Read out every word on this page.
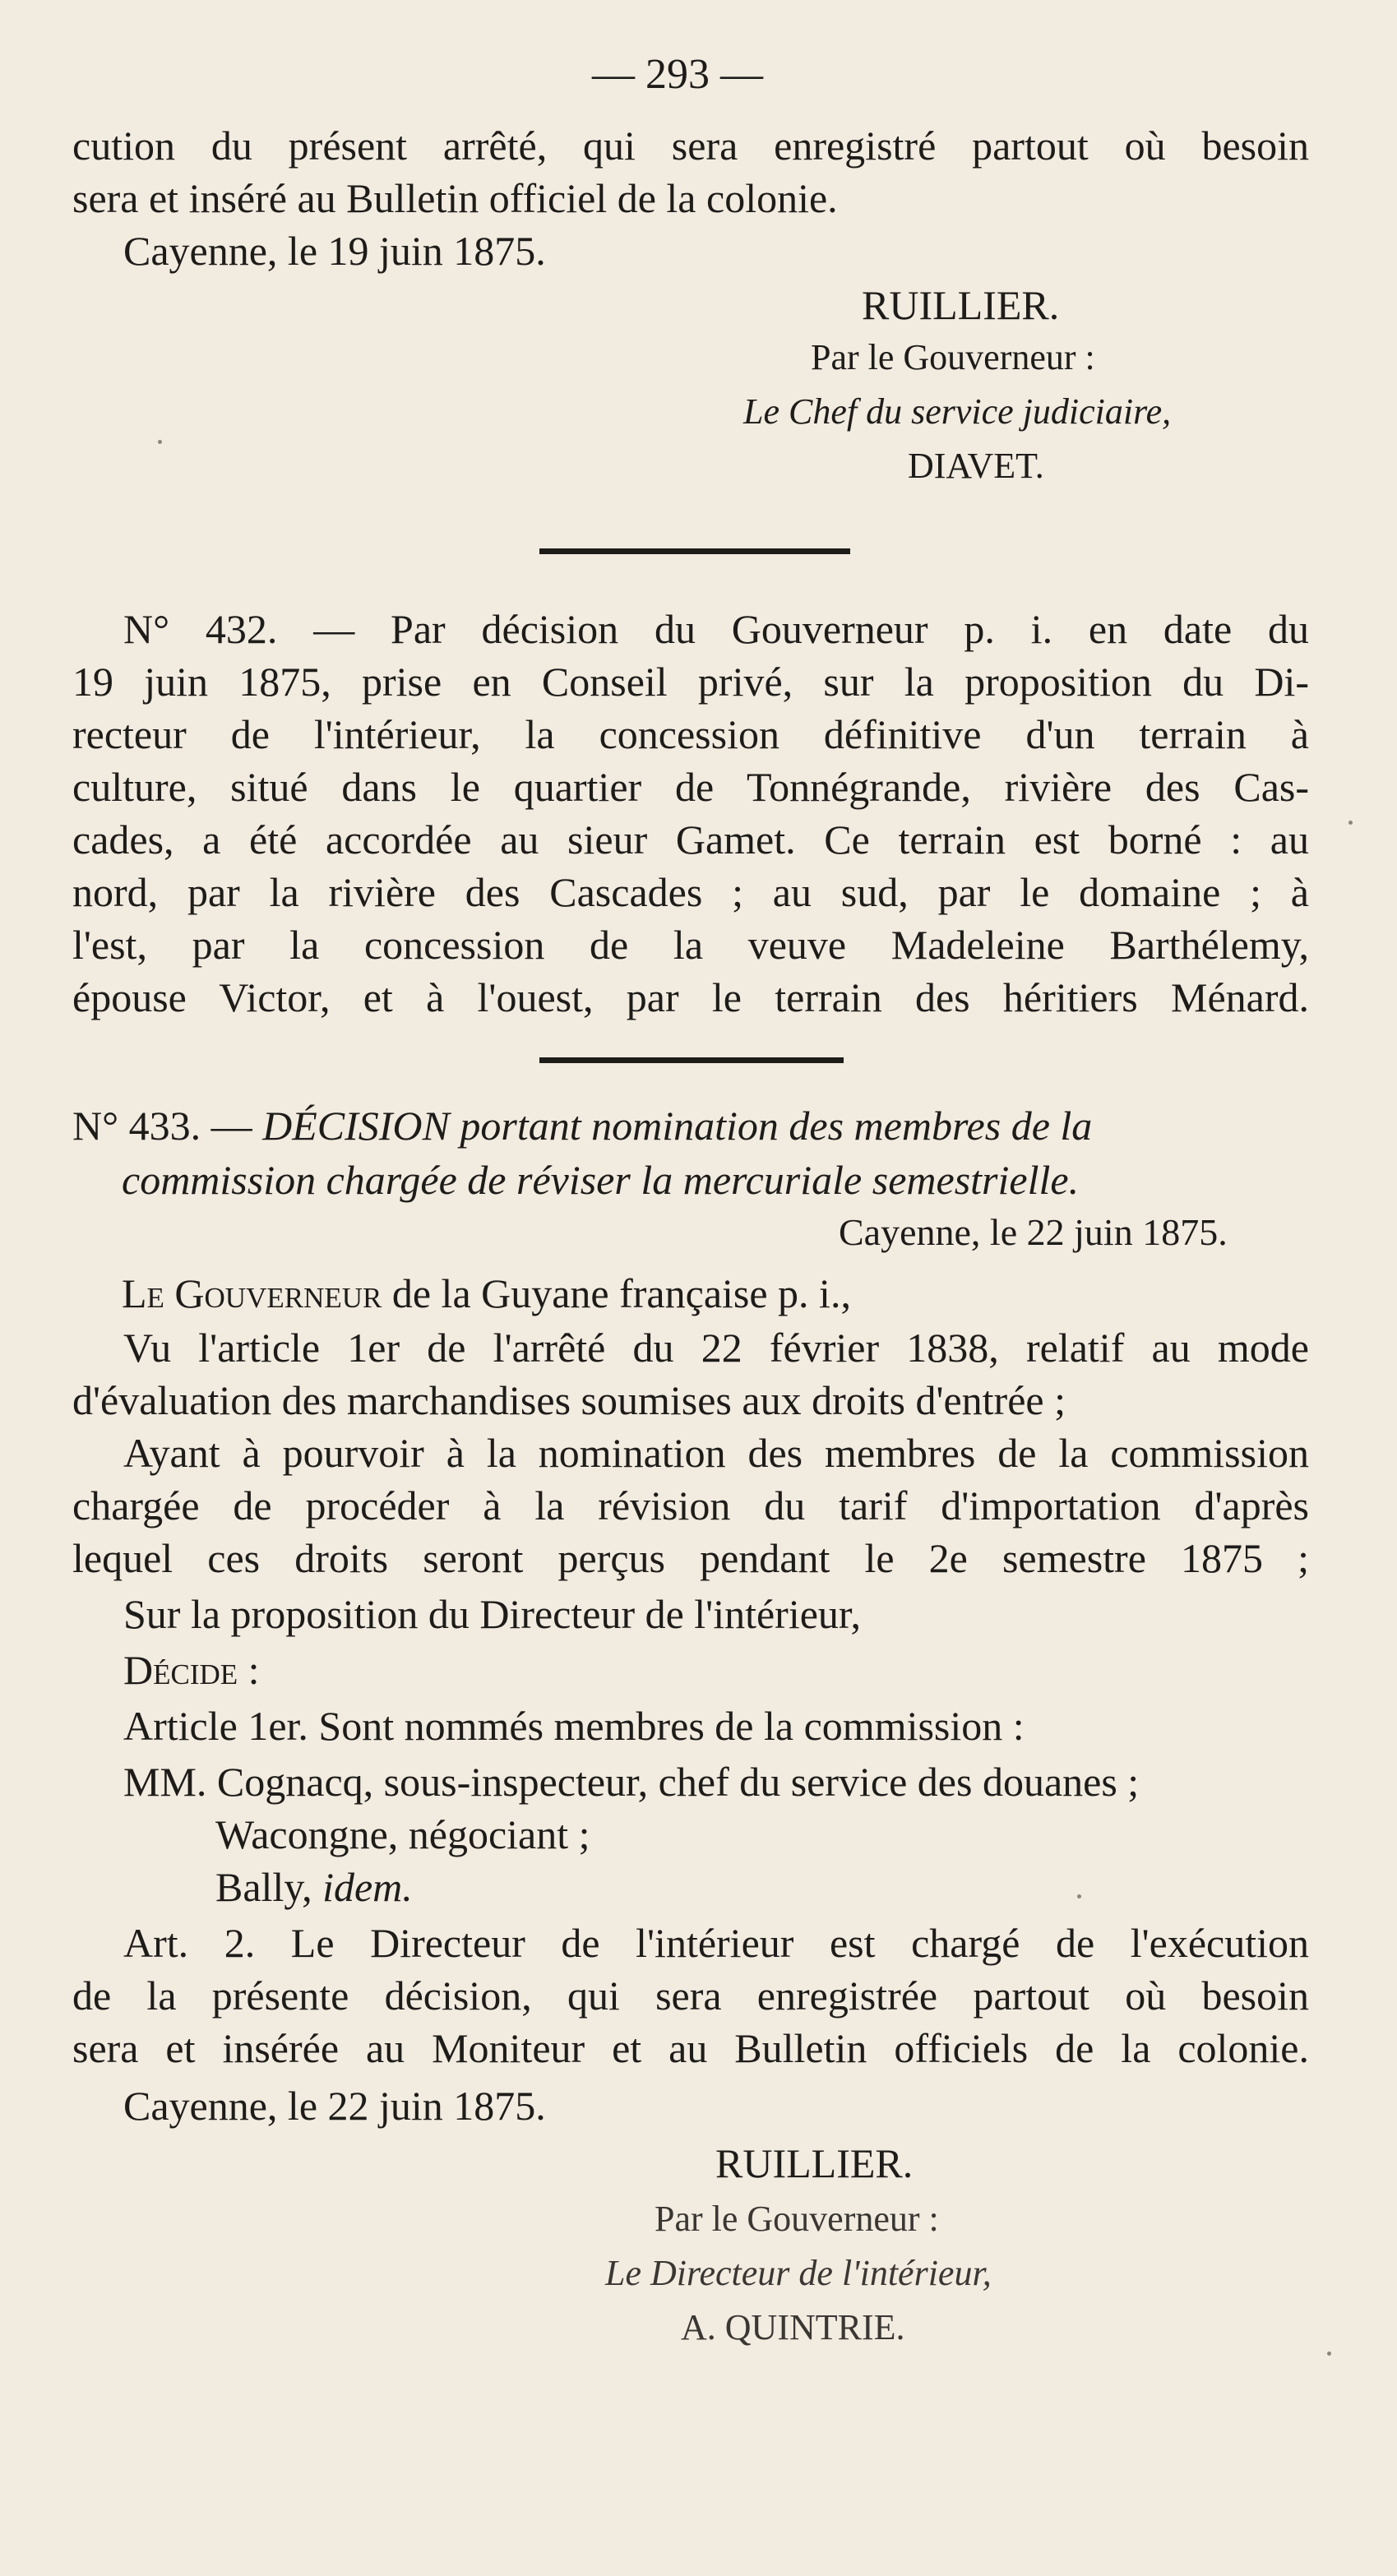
— 293 —
cution du présent arrêté, qui sera enregistré partout où besoin
sera et inséré au Bulletin officiel de la colonie.
Cayenne, le 19 juin 1875.
RUILLIER.
Par le Gouverneur :
Le Chef du service judiciaire,
DIAVET.
N° 432. — Par décision du Gouverneur p. i. en date du
19 juin 1875, prise en Conseil privé, sur la proposition du Di-
recteur de l'intérieur, la concession définitive d'un terrain à
culture, situé dans le quartier de Tonnégrande, rivière des Cas-
cades, a été accordée au sieur Gamet. Ce terrain est borné : au
nord, par la rivière des Cascades ; au sud, par le domaine ; à
l'est, par la concession de la veuve Madeleine Barthélemy,
épouse Victor, et à l'ouest, par le terrain des héritiers Ménard.
N° 433. — DÉCISION portant nomination des membres de la
commission chargée de réviser la mercuriale semestrielle.
Cayenne, le 22 juin 1875.
Le Gouverneur de la Guyane française p. i.,
Vu l'article 1er de l'arrêté du 22 février 1838, relatif au mode
d'évaluation des marchandises soumises aux droits d'entrée ;
Ayant à pourvoir à la nomination des membres de la commission
chargée de procéder à la révision du tarif d'importation d'après
lequel ces droits seront perçus pendant le 2e semestre 1875 ;
Sur la proposition du Directeur de l'intérieur,
Décide :
Article 1er. Sont nommés membres de la commission :
MM. Cognacq, sous-inspecteur, chef du service des douanes ;
Wacongne, négociant ;
Bally, idem.
Art. 2. Le Directeur de l'intérieur est chargé de l'exécution
de la présente décision, qui sera enregistrée partout où besoin
sera et insérée au Moniteur et au Bulletin officiels de la colonie.
Cayenne, le 22 juin 1875.
RUILLIER.
Par le Gouverneur :
Le Directeur de l'intérieur,
A. QUINTRIE.
